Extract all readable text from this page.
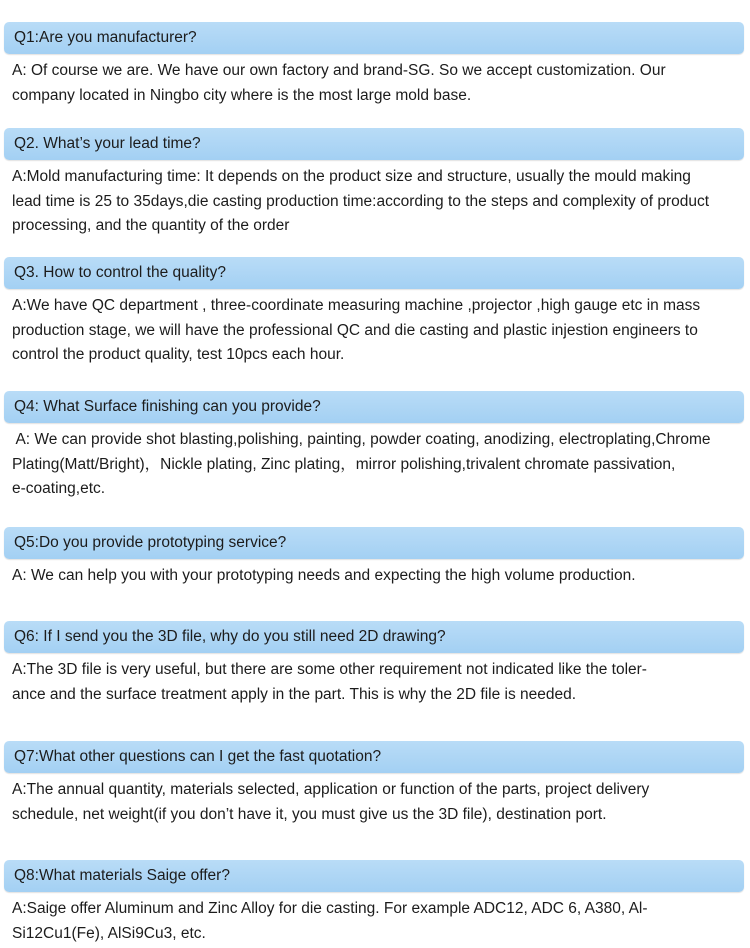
Q1:Are you manufacturer?

A: Of course we are. We have our own factory and brand-SG. So we accept customization. Our
company located in Ningbo city where is the most large mold base.

Q2. What’s your lead time?

A:Mold manufacturing time: It depends on the product size and structure, usually the mould making
lead time is 25 to 35days,die casting production time:according to the steps and complexity of product
processing, and the quantity of the order

Q3. How to control the quality?

A:We have QC department , three-coordinate measuring machine ,projector ,high gauge etc in mass
production stage, we will have the professional QC and die casting and plastic injestion engineers to
control the product quality, test 10pcs each hour.

Q4: What Surface finishing can you provide?

A: We can provide shot blasting,polishing, painting, powder coating, anodizing, electroplating,Chrome
Plating(Matt/Bright)，Nickle plating, Zinc plating，mirror polishing,trivalent chromate passivation,
e-coating,etc.

Q5:Do you provide prototyping service?

A: We can help you with your prototyping needs and expecting the high volume production.

Q6: If I send you the 3D file, why do you still need 2D drawing?

A:The 3D file is very useful, but there are some other requirement not indicated like the toler-
ance and the surface treatment apply in the part. This is why the 2D file is needed.

Q7:What other questions can I get the fast quotation?

A:The annual quantity, materials selected, application or function of the parts, project delivery
schedule, net weight(if you don’t have it, you must give us the 3D file), destination port.

Q8:What materials Saige offer?

A:Saige offer Aluminum and Zinc Alloy for die casting. For example ADC12, ADC 6, A380, Al-
Si12Cu1(Fe), AlSi9Cu3, etc.
